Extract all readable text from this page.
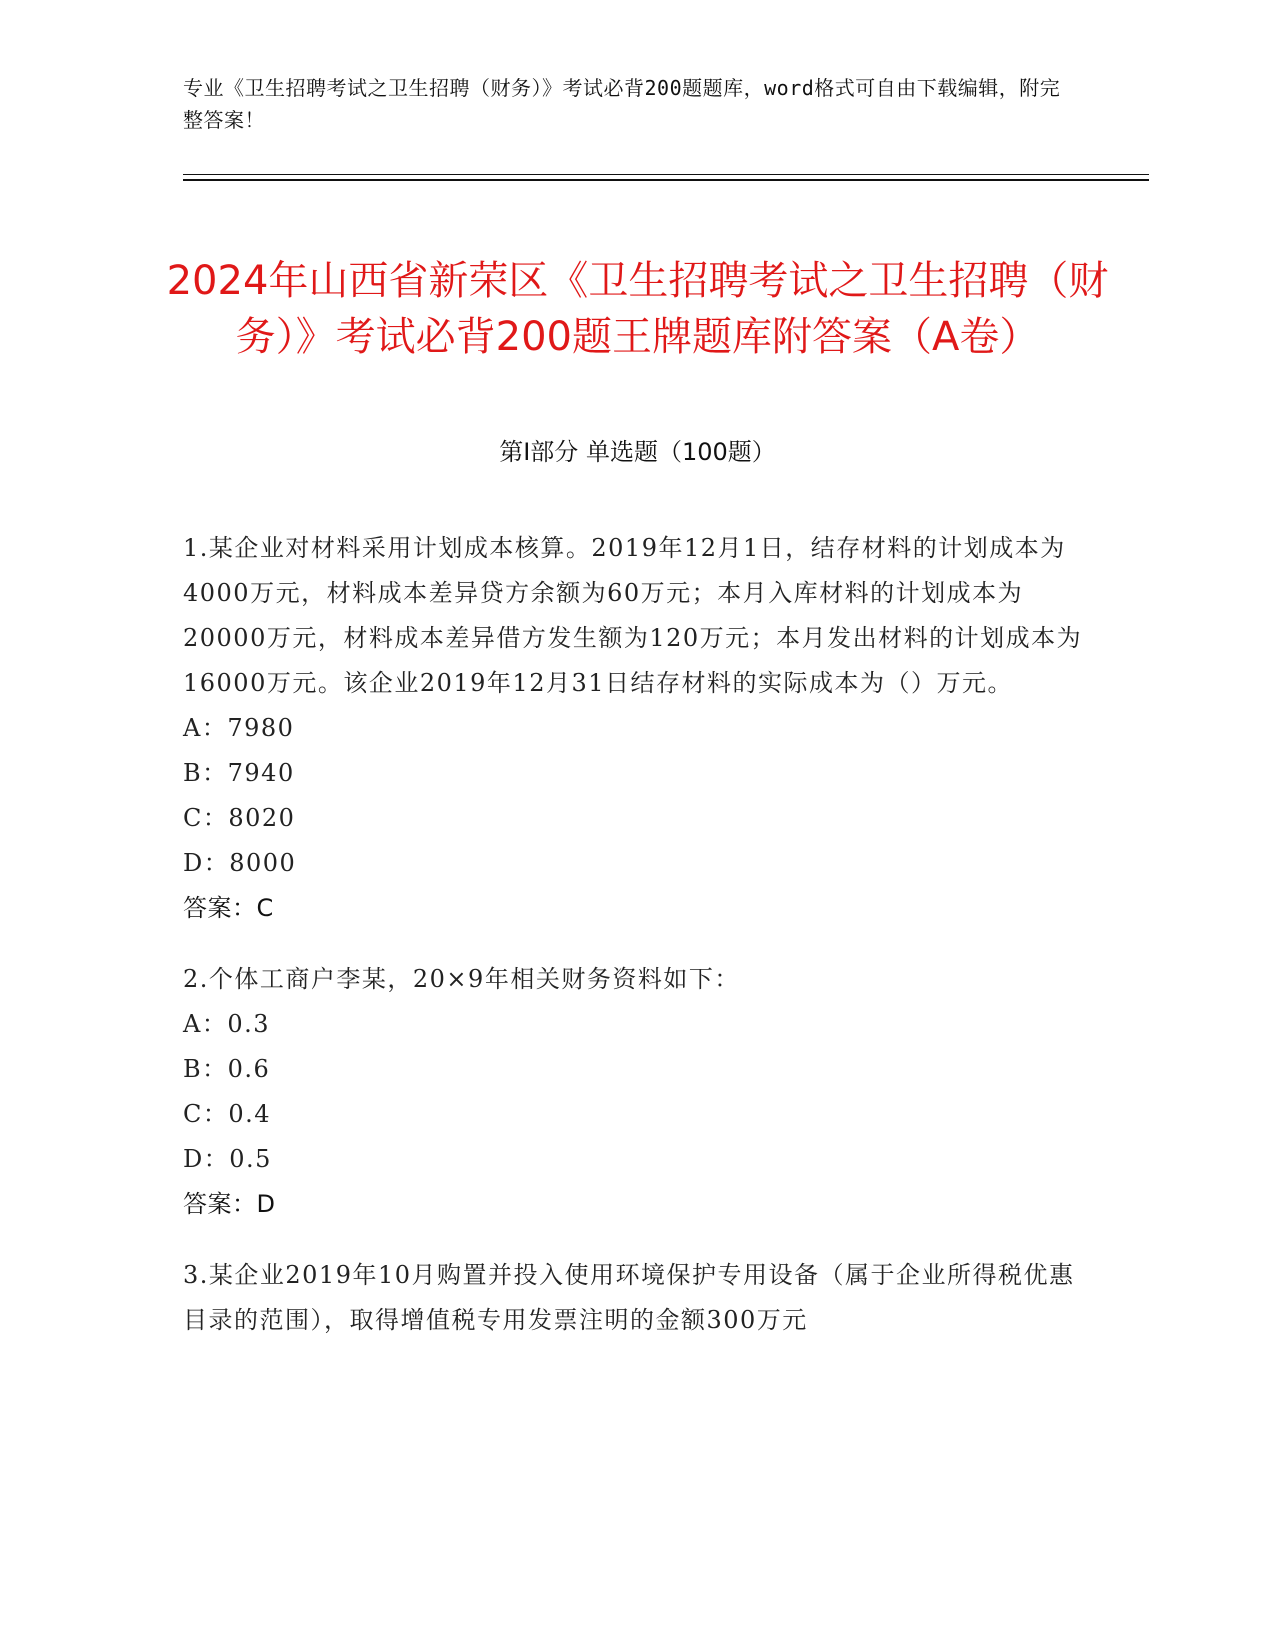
专业《卫生招聘考试之卫生招聘（财务）》考试必背200题题库，word格式可自由下载编辑，附完整答案！
2024年山西省新荣区《卫生招聘考试之卫生招聘（财务）》考试必背200题王牌题库附答案（A卷）
第Ⅰ部分 单选题（100题）

1.某企业对材料采用计划成本核算。2019年12月1日，结存材料的计划成本为4000万元，材料成本差异贷方余额为60万元；本月入库材料的计划成本为20000万元，材料成本差异借方发生额为120万元；本月发出材料的计划成本为16000万元。该企业2019年12月31日结存材料的实际成本为（）万元。

A：7980

B：7940

C：8020

D：8000

答案：C

2.个体工商户李某，20×9年相关财务资料如下：

A：0.3

B：0.6

C：0.4

D：0.5

答案：D

3.某企业2019年10月购置并投入使用环境保护专用设备（属于企业所得税优惠目录的范围），取得增值税专用发票注明的金额300万元
